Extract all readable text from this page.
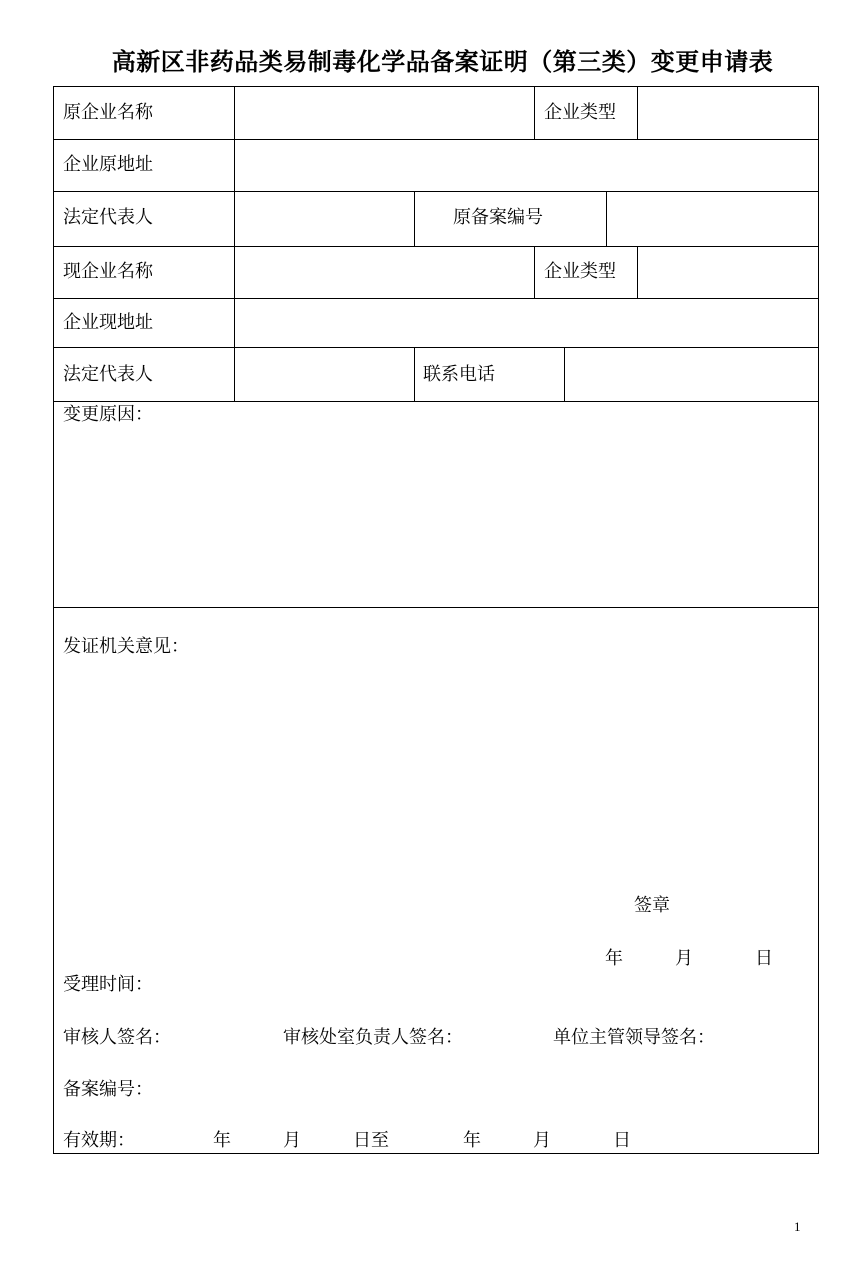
高新区非药品类易制毒化学品备案证明（第三类）变更申请表
原企业名称	企业类型
企业原地址
法定代表人	原备案编号
现企业名称	企业类型
企业现地址
法定代表人	联系电话
变更原因：
发证机关意见：
签章
年	月	日
受理时间：
审核人签名：	审核处室负责人签名：	单位主管领导签名：
备案编号：
有效期：	年	月	日至	年	月	日
1
